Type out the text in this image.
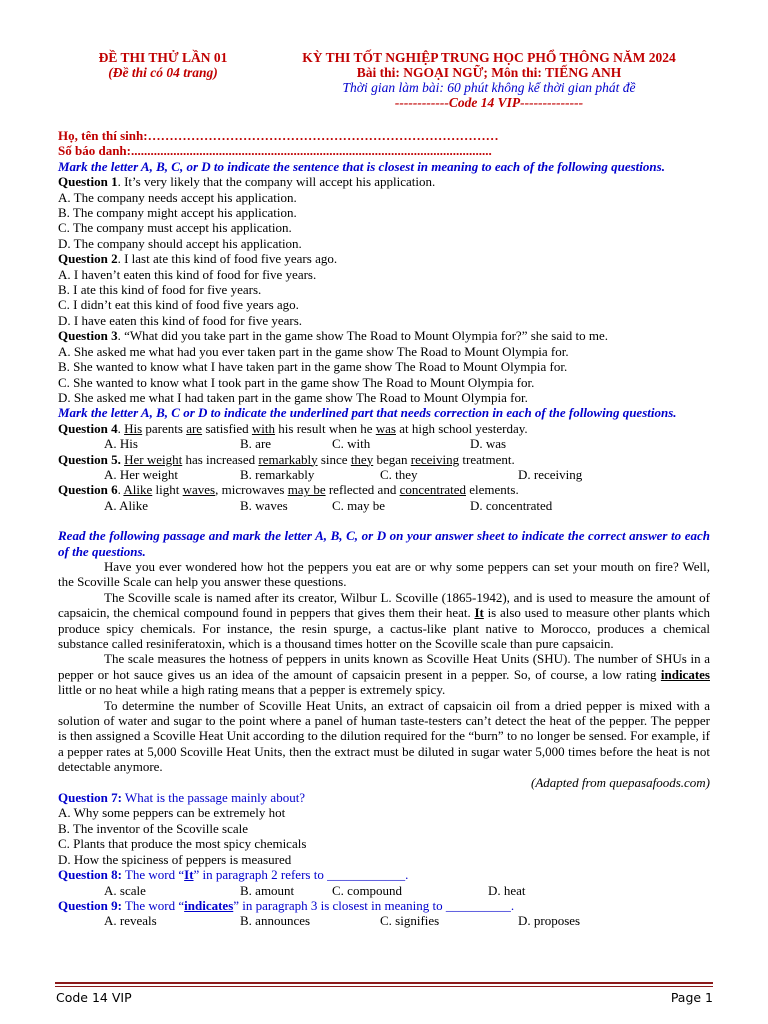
ĐỀ THI THỬ LẦN 01
(Đề thi có 04 trang)
KỲ THI TỐT NGHIỆP TRUNG HỌC PHỔ THÔNG NĂM 2024
Bài thi: NGOẠI NGỮ; Môn thi: TIẾNG ANH
Thời gian làm bài: 60 phút không kể thời gian phát đề
------------Code 14 VIP--------------
Họ, tên thí sinh:………………………………………………………………………
Số báo danh:...............................................................................................................
Mark the letter A, B, C, or D to indicate the sentence that is closest in meaning to each of the following questions.
Question 1. It’s very likely that the company will accept his application.
A. The company needs accept his application.
B. The company might accept his application.
C. The company must accept his application.
D. The company should accept his application.
Question 2. I last ate this kind of food five years ago.
A. I haven’t eaten this kind of food for five years.
B. I ate this kind of food for five years.
C. I didn’t eat this kind of food five years ago.
D. I have eaten this kind of food for five years.
Question 3. “What did you take part in the game show The Road to Mount Olympia for?” she said to me.
A. She asked me what had you ever taken part in the game show The Road to Mount Olympia for.
B. She wanted to know what I have taken part in the game show The Road to Mount Olympia for.
C. She wanted to know what I took part in the game show The Road to Mount Olympia for.
D. She asked me what I had taken part in the game show The Road to Mount Olympia for.
Mark the letter A, B, C or D to indicate the underlined part that needs correction in each of the following questions.
Question 4. His parents are satisfied with his result when he was at high school yesterday.
A. His	B. are	C. with	D. was
Question 5. Her weight has increased remarkably since they began receiving treatment.
A. Her weight	B. remarkably	C. they	D. receiving
Question 6. Alike light waves, microwaves may be reflected and concentrated elements.
A. Alike	B. waves	C. may be	D. concentrated
Read the following passage and mark the letter A, B, C, or D on your answer sheet to indicate the correct answer to each of the questions.

Have you ever wondered how hot the peppers you eat are or why some peppers can set your mouth on fire? Well, the Scoville Scale can help you answer these questions.

The Scoville scale is named after its creator, Wilbur L. Scoville (1865-1942), and is used to measure the amount of capsaicin, the chemical compound found in peppers that gives them their heat. It is also used to measure other plants which produce spicy chemicals. For instance, the resin spurge, a cactus-like plant native to Morocco, produces a chemical substance called resiniferatoxin, which is a thousand times hotter on the Scoville scale than pure capsaicin.

The scale measures the hotness of peppers in units known as Scoville Heat Units (SHU). The number of SHUs in a pepper or hot sauce gives us an idea of the amount of capsaicin present in a pepper. So, of course, a low rating indicates little or no heat while a high rating means that a pepper is extremely spicy.

To determine the number of Scoville Heat Units, an extract of capsaicin oil from a dried pepper is mixed with a solution of water and sugar to the point where a panel of human taste-testers can’t detect the heat of the pepper. The pepper is then assigned a Scoville Heat Unit according to the dilution required for the “burn” to no longer be sensed. For example, if a pepper rates at 5,000 Scoville Heat Units, then the extract must be diluted in sugar water 5,000 times before the heat is not detectable anymore.

(Adapted from quepasafoods.com)
Question 7: What is the passage mainly about?
A. Why some peppers can be extremely hot
B. The inventor of the Scoville scale
C. Plants that produce the most spicy chemicals
D. How the spiciness of peppers is measured
Question 8: The word “It” in paragraph 2 refers to ____________.
A. scale	B. amount	C. compound	D. heat
Question 9: The word “indicates” in paragraph 3 is closest in meaning to __________.
A. reveals	B. announces	C. signifies	D. proposes
Code 14 VIP	Page 1
